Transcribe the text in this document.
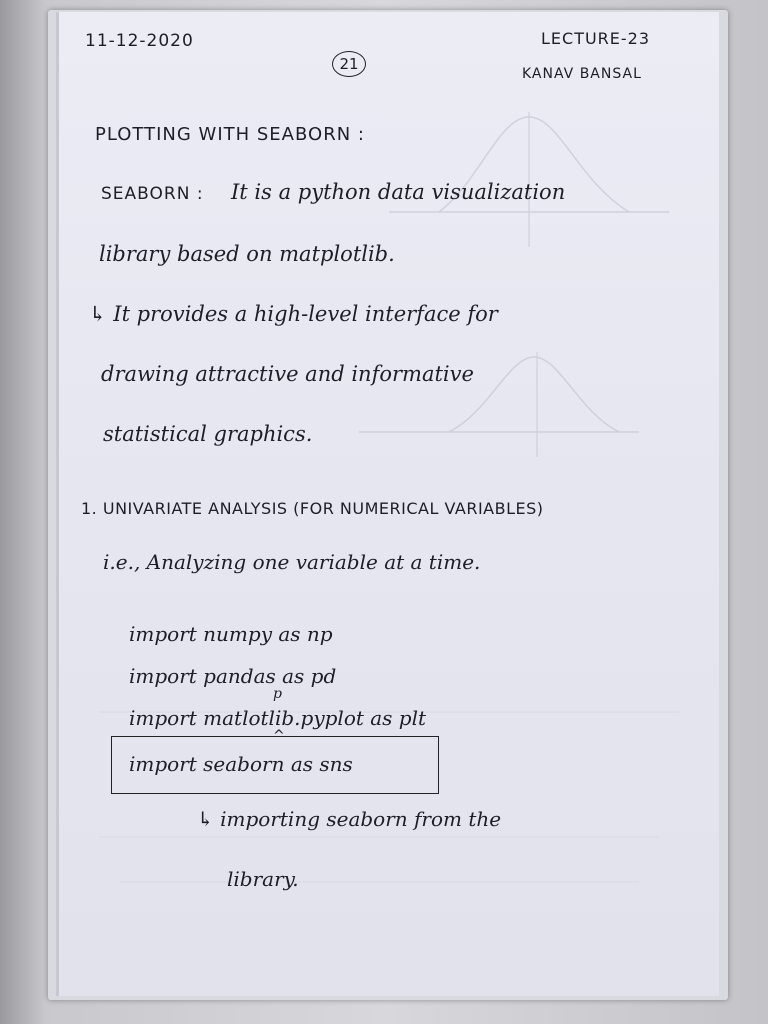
11-12-2020	LECTURE-23
KANAV BANSAL
21
PLOTTING WITH SEABORN :
SEABORN : It is a python data visualization
library based on matplotlib.
↳ It provides a high-level interface for
drawing attractive and informative
statistical graphics.
1. UNIVARIATE ANALYSIS (FOR NUMERICAL VARIABLES)
i.e., Analyzing one variable at a time.
import numpy as np
import pandas as pd
p
^
import matlotlib.pyplot as plt
import seaborn as sns
↳ importing seaborn from the
library.
